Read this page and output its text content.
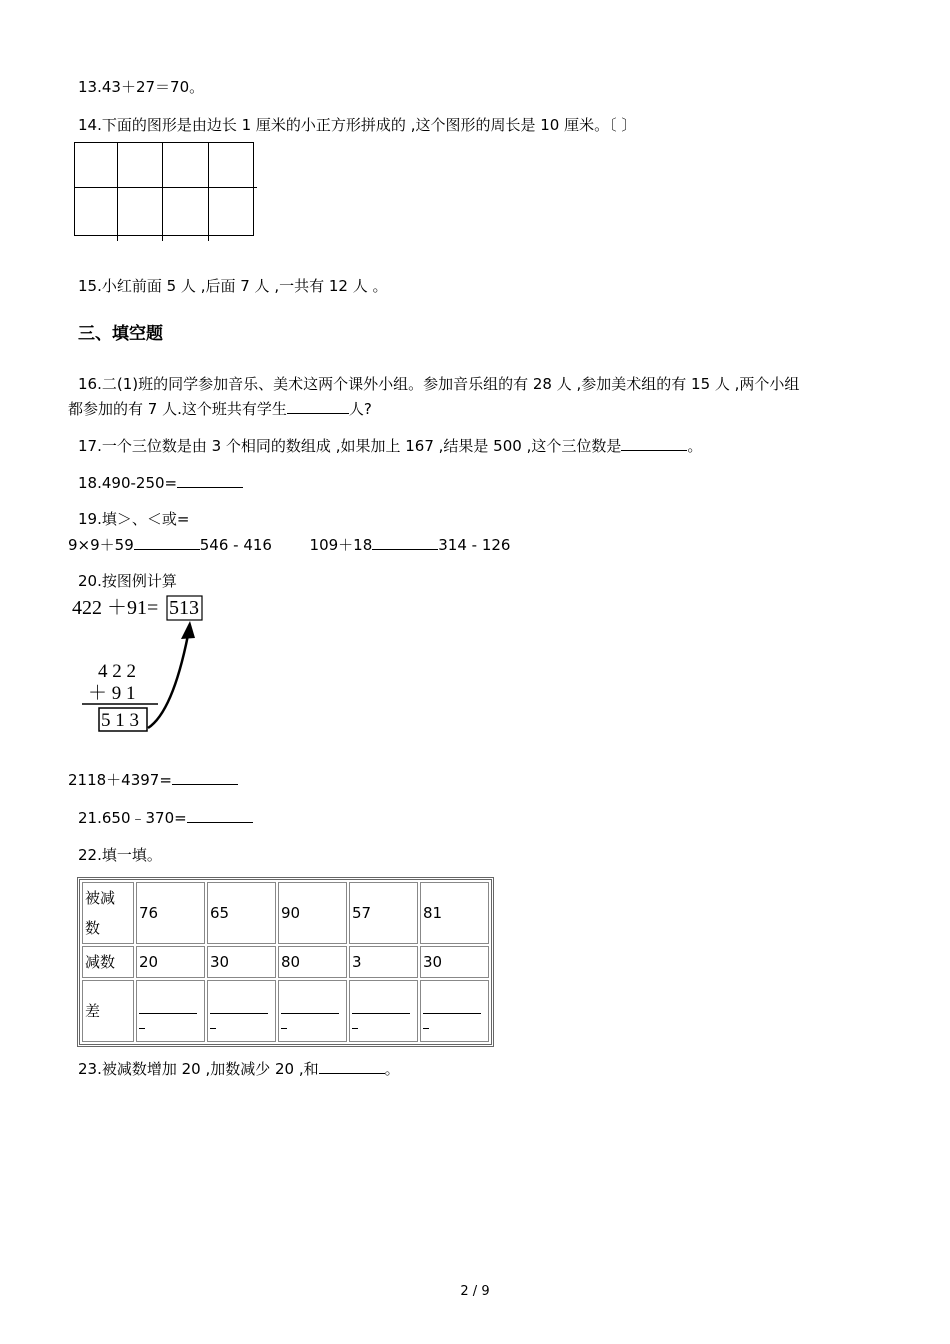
13.43＋27＝70。
14.下面的图形是由边长 1 厘米的小正方形拼成的 ,这个图形的周长是 10 厘米。〔 〕
15.小红前面 5 人 ,后面 7 人 ,一共有 12 人 。
三、填空题
16.二(1)班的同学参加音乐、美术这两个课外小组。参加音乐组的有 28 人 ,参加美术组的有 15 人 ,两个小组
都参加的有 7 人.这个班共有学生	人?
17.一个三位数是由 3 个相同的数组成 ,如果加上 167 ,结果是 500 ,这个三位数是	。
18.490-250=
19.填＞、＜或=
9×9＋59	546 - 416	109＋18	314 - 126
20.按图例计算
422 ＋91= 513
4 2 2
＋ 9 1
5 1 3
2118＋4397=
21.650﹣370=
22.填一填。
被减
数	76	65	90	57	81
减数	20	30	80	3	30
差	

23.被减数增加 20 ,加数减少 20 ,和	。
2 / 9
